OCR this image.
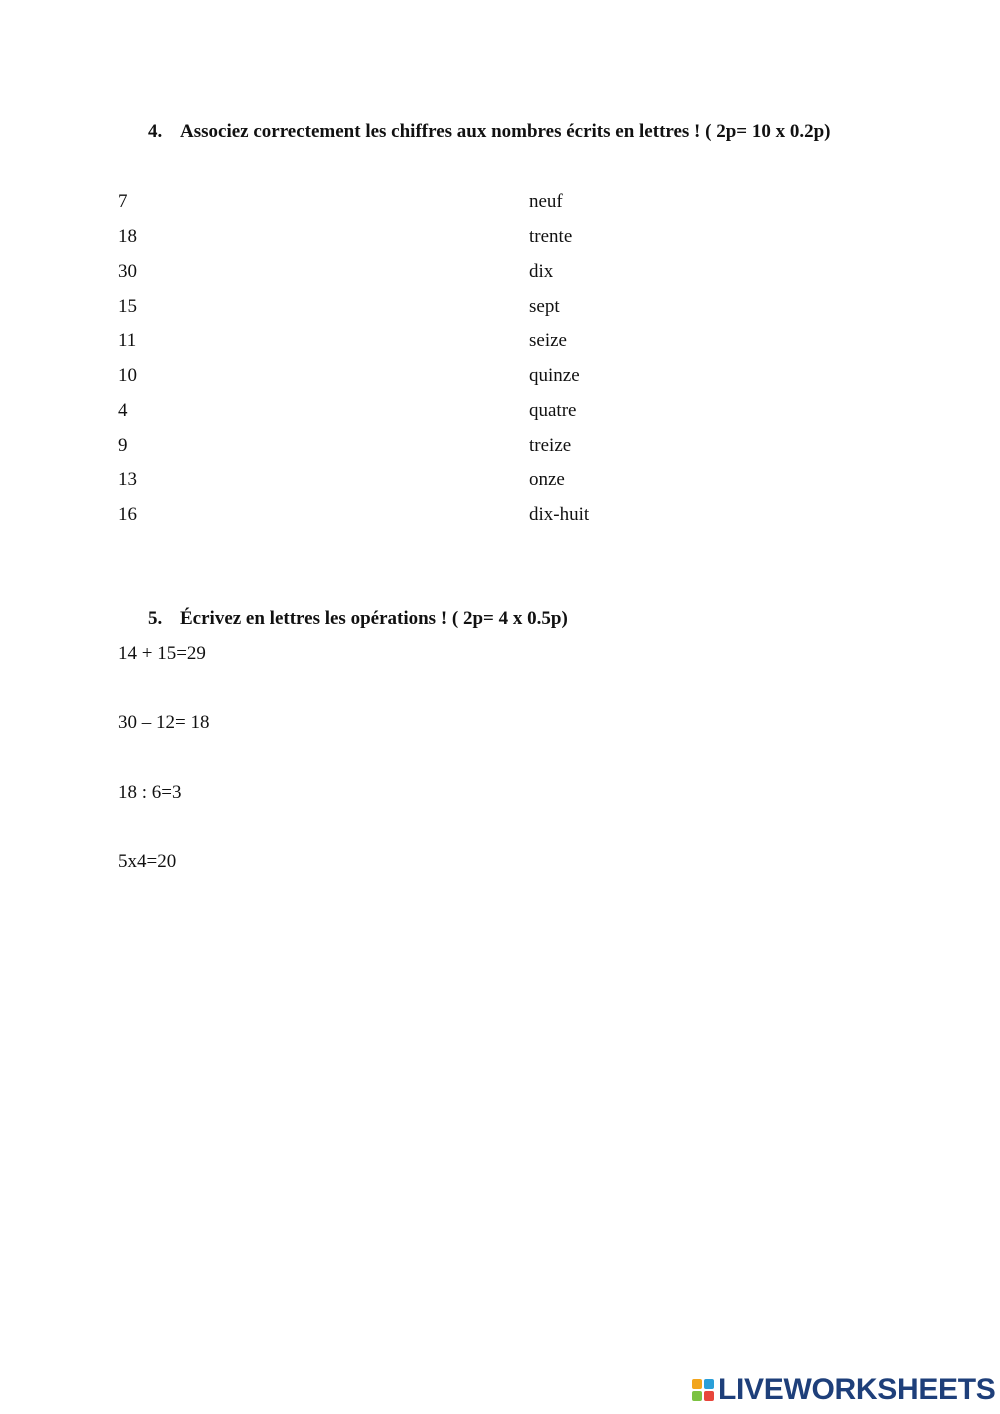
4. Associez correctement les chiffres aux nombres écrits en lettres ! ( 2p= 10 x 0.2p)
7	neuf
18	trente
30	dix
15	sept
11	seize
10	quinze
4	quatre
9	treize
13	onze
16	dix-huit
5. Écrivez en lettres les opérations ! ( 2p= 4 x 0.5p)
14 + 15=29
30 – 12= 18
18 : 6=3
5x4=20
LIVEWORKSHEETS
